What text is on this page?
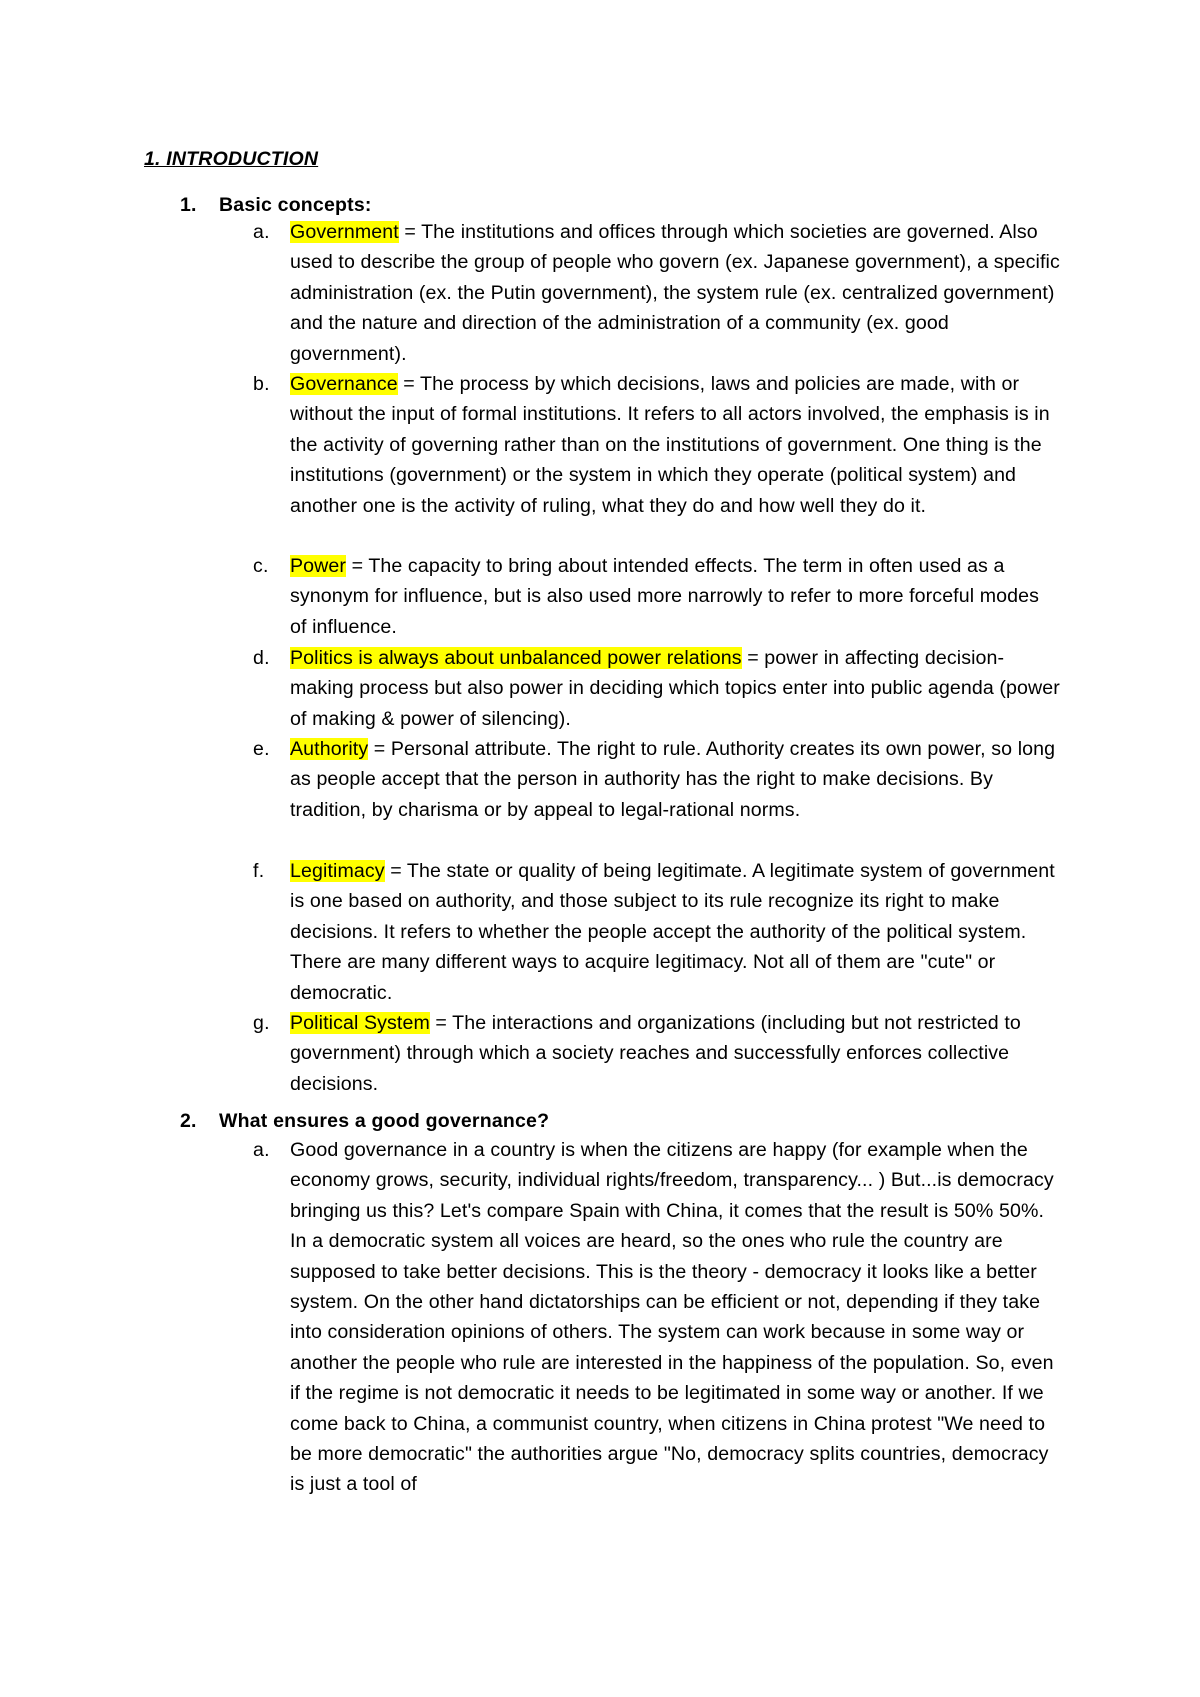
1. INTRODUCTION
1. Basic concepts:
a. Government = The institutions and offices through which societies are governed. Also used to describe the group of people who govern (ex. Japanese government), a specific administration (ex. the Putin government), the system rule (ex. centralized government) and the nature and direction of the administration of a community (ex. good government).

b. Governance = The process by which decisions, laws and policies are made, with or without the input of formal institutions. It refers to all actors involved, the emphasis is in the activity of governing rather than on the institutions of government. One thing is the institutions (government) or the system in which they operate (political system) and another one is the activity of ruling, what they do and how well they do it.

c. Power = The capacity to bring about intended effects. The term in often used as a synonym for influence, but is also used more narrowly to refer to more forceful modes of influence.

d. Politics is always about unbalanced power relations = power in affecting decision-making process but also power in deciding which topics enter into public agenda (power of making & power of silencing).

e. Authority = Personal attribute. The right to rule. Authority creates its own power, so long as people accept that the person in authority has the right to make decisions. By tradition, by charisma or by appeal to legal-rational norms.

f. Legitimacy = The state or quality of being legitimate. A legitimate system of government is one based on authority, and those subject to its rule recognize its right to make decisions. It refers to whether the people accept the authority of the political system. There are many different ways to acquire legitimacy. Not all of them are "cute" or democratic.

g. Political System = The interactions and organizations (including but not restricted to government) through which a society reaches and successfully enforces collective decisions.

2. What ensures a good governance?
a. Good governance in a country is when the citizens are happy (for example when the economy grows, security, individual rights/freedom, transparency... ) But...is democracy bringing us this? Let's compare Spain with China, it comes that the result is 50% 50%. In a democratic system all voices are heard, so the ones who rule the country are supposed to take better decisions. This is the theory - democracy it looks like a better system. On the other hand dictatorships can be efficient or not, depending if they take into consideration opinions of others. The system can work because in some way or another the people who rule are interested in the happiness of the population. So, even if the regime is not democratic it needs to be legitimated in some way or another. If we come back to China, a communist country, when citizens in China protest "We need to be more democratic" the authorities argue "No, democracy splits countries, democracy is just a tool of
